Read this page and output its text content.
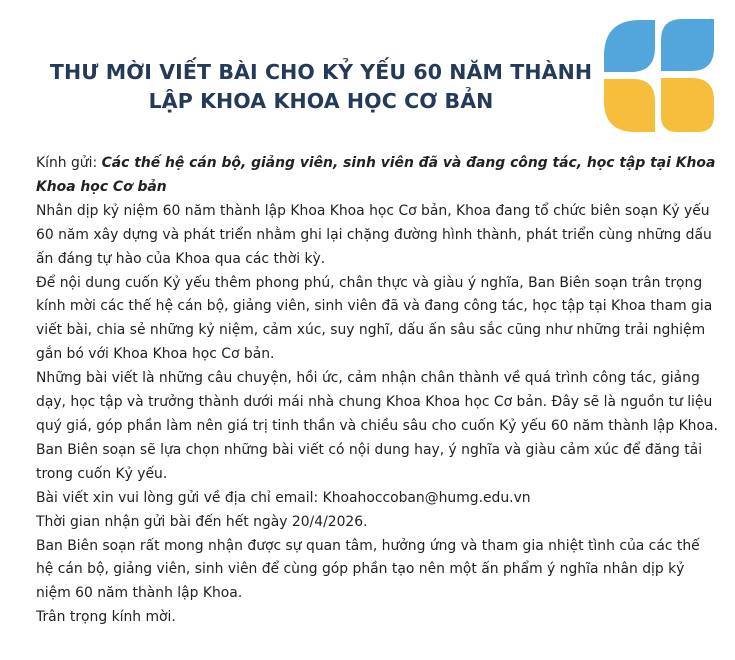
THƯ MỜI VIẾT BÀI CHO KỶ YẾU 60 NĂM THÀNH
LẬP KHOA KHOA HỌC CƠ BẢN

Kính gửi: Các thế hệ cán bộ, giảng viên, sinh viên đã và đang công tác, học tập tại Khoa Khoa học Cơ bản

Nhân dịp kỷ niệm 60 năm thành lập Khoa Khoa học Cơ bản, Khoa đang tổ chức biên soạn Kỷ yếu 60 năm xây dựng và phát triển nhằm ghi lại chặng đường hình thành, phát triển cùng những dấu ấn đáng tự hào của Khoa qua các thời kỳ.

Để nội dung cuốn Kỷ yếu thêm phong phú, chân thực và giàu ý nghĩa, Ban Biên soạn trân trọng kính mời các thế hệ cán bộ, giảng viên, sinh viên đã và đang công tác, học tập tại Khoa tham gia viết bài, chia sẻ những kỷ niệm, cảm xúc, suy nghĩ, dấu ấn sâu sắc cũng như những trải nghiệm gắn bó với Khoa Khoa học Cơ bản.

Những bài viết là những câu chuyện, hồi ức, cảm nhận chân thành về quá trình công tác, giảng dạy, học tập và trưởng thành dưới mái nhà chung Khoa Khoa học Cơ bản. Đây sẽ là nguồn tư liệu quý giá, góp phần làm nên giá trị tinh thần và chiều sâu cho cuốn Kỷ yếu 60 năm thành lập Khoa.

Ban Biên soạn sẽ lựa chọn những bài viết có nội dung hay, ý nghĩa và giàu cảm xúc để đăng tải trong cuốn Kỷ yếu.

Bài viết xin vui lòng gửi về địa chỉ email: Khoahoccoban@humg.edu.vn

Thời gian nhận gửi bài đến hết ngày 20/4/2026.

Ban Biên soạn rất mong nhận được sự quan tâm, hưởng ứng và tham gia nhiệt tình của các thế hệ cán bộ, giảng viên, sinh viên để cùng góp phần tạo nên một ấn phẩm ý nghĩa nhân dịp kỷ niệm 60 năm thành lập Khoa.

Trân trọng kính mời.
